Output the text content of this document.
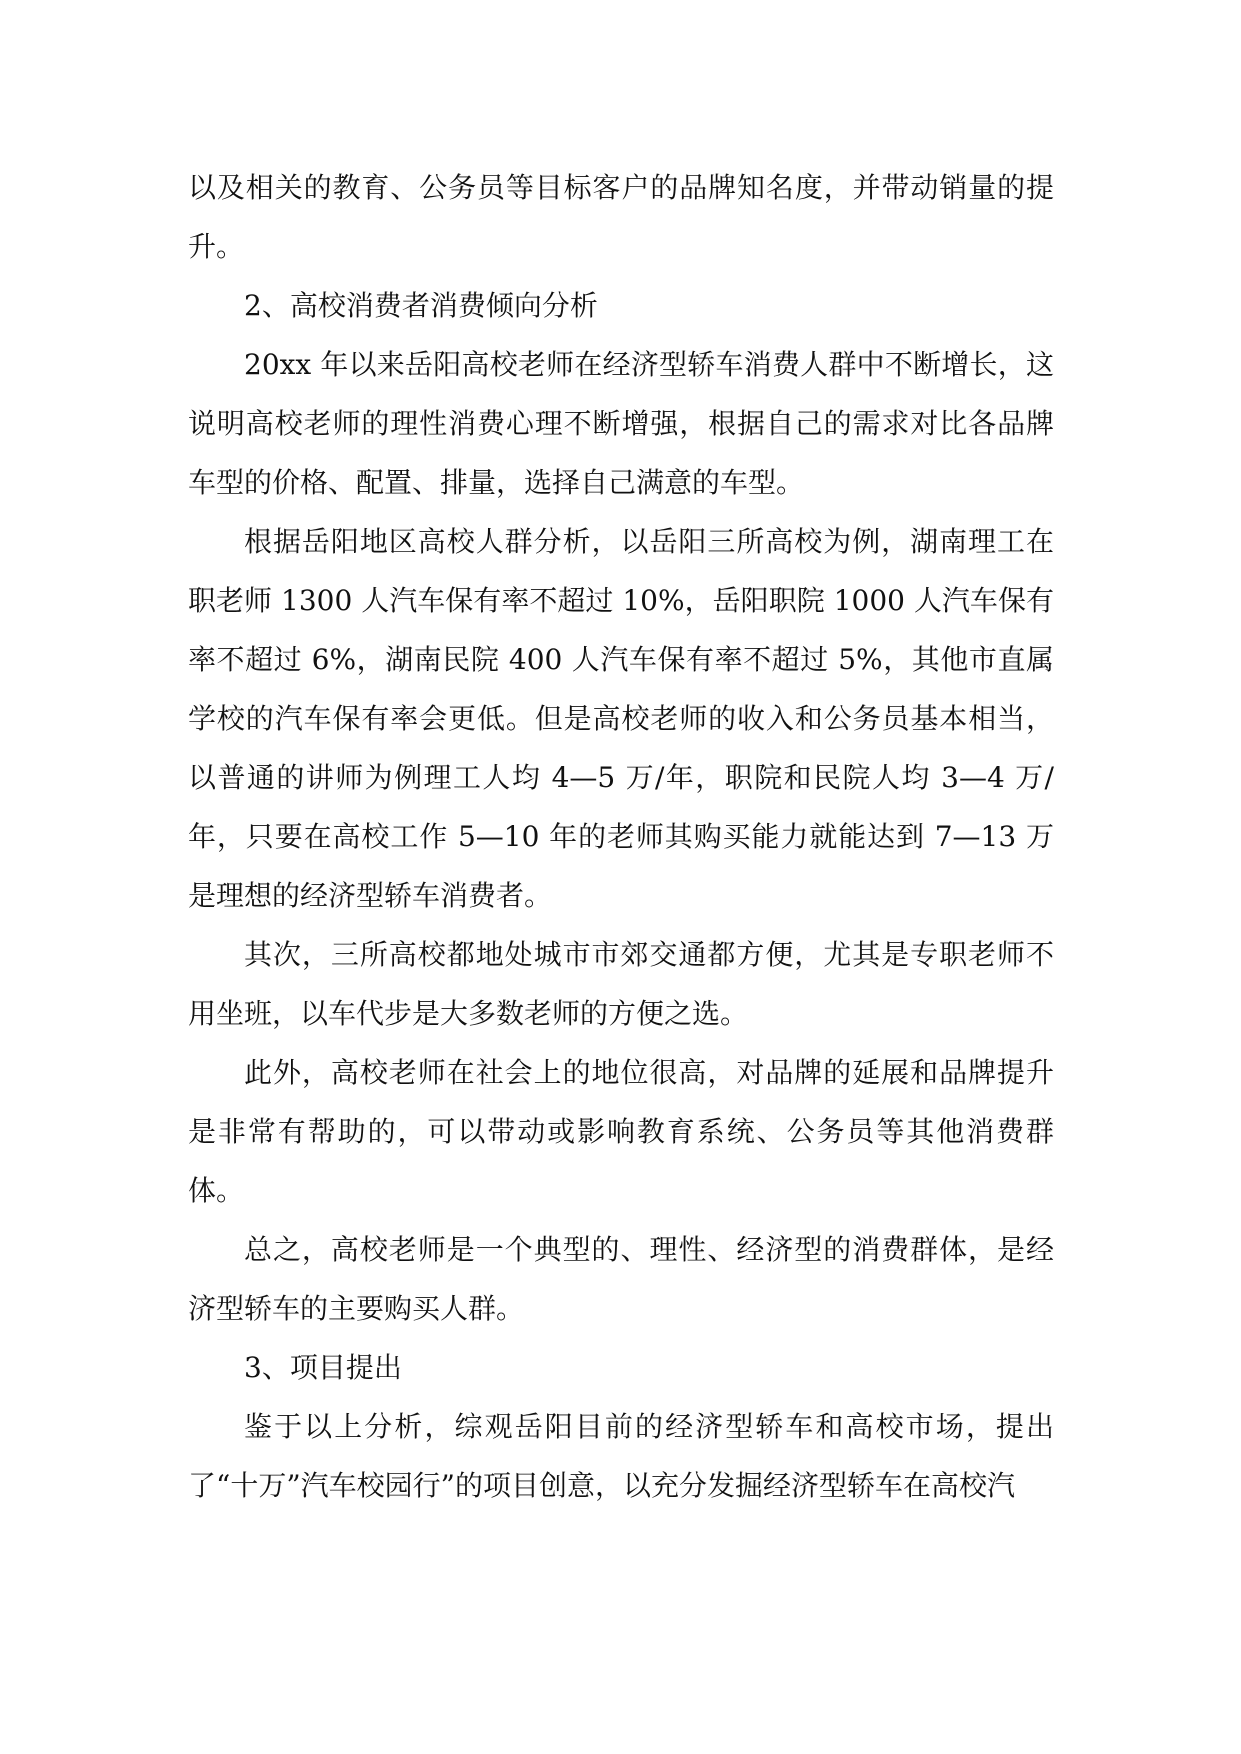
以及相关的教育、公务员等目标客户的品牌知名度，并带动销量的提升。

2、高校消费者消费倾向分析

20xx 年以来岳阳高校老师在经济型轿车消费人群中不断增长，这说明高校老师的理性消费心理不断增强，根据自己的需求对比各品牌车型的价格、配置、排量，选择自己满意的车型。

根据岳阳地区高校人群分析，以岳阳三所高校为例，湖南理工在职老师 1300 人汽车保有率不超过 10%，岳阳职院 1000 人汽车保有率不超过 6%，湖南民院 400 人汽车保有率不超过 5%，其他市直属学校的汽车保有率会更低。但是高校老师的收入和公务员基本相当，以普通的讲师为例理工人均 4—5 万/年，职院和民院人均 3—4 万/年，只要在高校工作 5—10 年的老师其购买能力就能达到 7—13 万是理想的经济型轿车消费者。

其次，三所高校都地处城市市郊交通都方便，尤其是专职老师不用坐班，以车代步是大多数老师的方便之选。

此外，高校老师在社会上的地位很高，对品牌的延展和品牌提升是非常有帮助的，可以带动或影响教育系统、公务员等其他消费群体。

总之，高校老师是一个典型的、理性、经济型的消费群体，是经济型轿车的主要购买人群。

3、项目提出

鉴于以上分析，综观岳阳目前的经济型轿车和高校市场，提出了“十万”汽车校园行”的项目创意，以充分发掘经济型轿车在高校汽
